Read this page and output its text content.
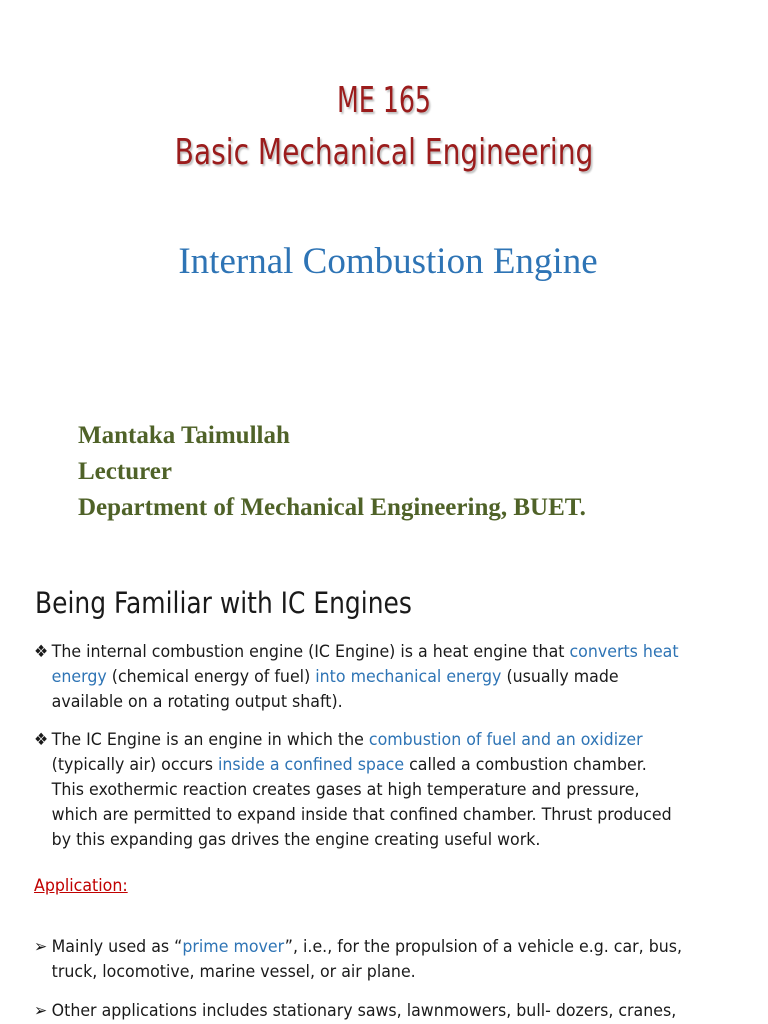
ME 165
Basic Mechanical Engineering
Internal Combustion Engine
Mantaka Taimullah
Lecturer
Department of Mechanical Engineering, BUET.
Being Familiar with IC Engines
❖ The internal combustion engine (IC Engine) is a heat engine that converts heat
energy (chemical energy of fuel) into mechanical energy (usually made
available on a rotating output shaft).
❖ The IC Engine is an engine in which the combustion of fuel and an oxidizer
(typically air) occurs inside a confined space called a combustion chamber.
This exothermic reaction creates gases at high temperature and pressure,
which are permitted to expand inside that confined chamber. Thrust produced
by this expanding gas drives the engine creating useful work.
Application:
➢ Mainly used as “prime mover”, i.e., for the propulsion of a vehicle e.g. car, bus,
truck, locomotive, marine vessel, or air plane.
➢ Other applications includes stationary saws, lawnmowers, bull- dozers, cranes,
